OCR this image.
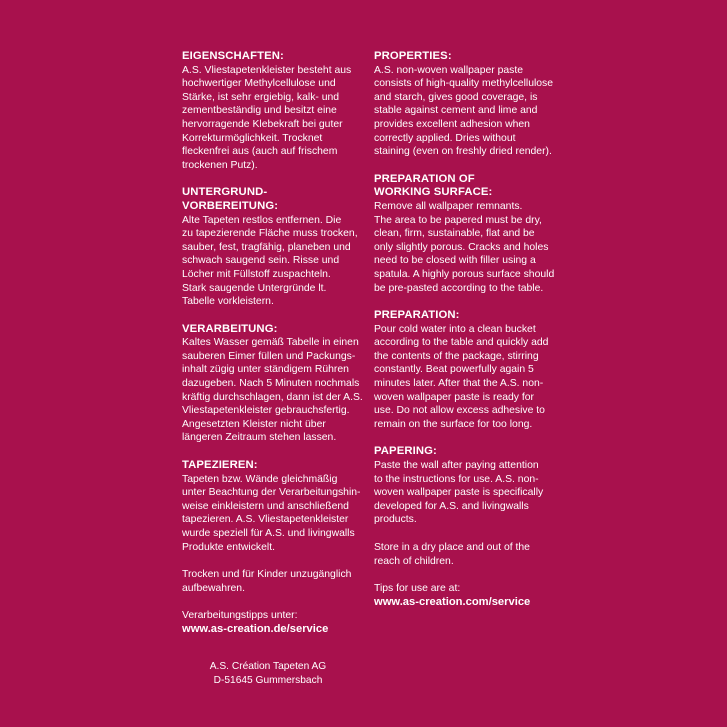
EIGENSCHAFTEN:
A.S. Vliestapetenkleister besteht aus
hochwertiger Methylcellulose und
Stärke, ist sehr ergiebig, kalk- und
zementbeständig und besitzt eine
hervorragende Klebekraft bei guter
Korrekturmöglichkeit. Trocknet
fleckenfrei aus (auch auf frischem
trockenen Putz).
UNTERGRUND-
VORBEREITUNG:
Alte Tapeten restlos entfernen. Die
zu tapezierende Fläche muss trocken,
sauber, fest, tragfähig, planeben und
schwach saugend sein. Risse und
Löcher mit Füllstoff zuspachteln.
Stark saugende Untergründe lt.
Tabelle vorkleistern.
VERARBEITUNG:
Kaltes Wasser gemäß Tabelle in einen
sauberen Eimer füllen und Packungs-
inhalt zügig unter ständigem Rühren
dazugeben. Nach 5 Minuten nochmals
kräftig durchschlagen, dann ist der A.S.
Vliestapetenkleister gebrauchsfertig.
Angesetzten Kleister nicht über
längeren Zeitraum stehen lassen.
TAPEZIEREN:
Tapeten bzw. Wände gleichmäßig
unter Beachtung der Verarbeitungshin-
weise einkleistern und anschließend
tapezieren. A.S. Vliestapetenkleister
wurde speziell für A.S. und livingwalls
Produkte entwickelt.
Trocken und für Kinder unzugänglich
aufbewahren.
Verarbeitungstipps unter:
www.as-creation.de/service
PROPERTIES:
A.S. non-woven wallpaper paste
consists of high-quality methylcellulose
and starch, gives good coverage, is
stable against cement and lime and
provides excellent adhesion when
correctly applied. Dries without
staining (even on freshly dried render).
PREPARATION OF
WORKING SURFACE:
Remove all wallpaper remnants.
The area to be papered must be dry,
clean, firm, sustainable, flat and be
only slightly porous. Cracks and holes
need to be closed with filler using a
spatula. A highly porous surface should
be pre-pasted according to the table.
PREPARATION:
Pour cold water into a clean bucket
according to the table and quickly add
the contents of the package, stirring
constantly. Beat powerfully again 5
minutes later. After that the A.S. non-
woven wallpaper paste is ready for
use. Do not allow excess adhesive to
remain on the surface for too long.
PAPERING:
Paste the wall after paying attention
to the instructions for use. A.S. non-
woven wallpaper paste is specifically
developed for A.S. and livingwalls
products.
Store in a dry place and out of the
reach of children.
Tips for use are at:
www.as-creation.com/service
A.S. Création Tapeten AG
D-51645 Gummersbach
